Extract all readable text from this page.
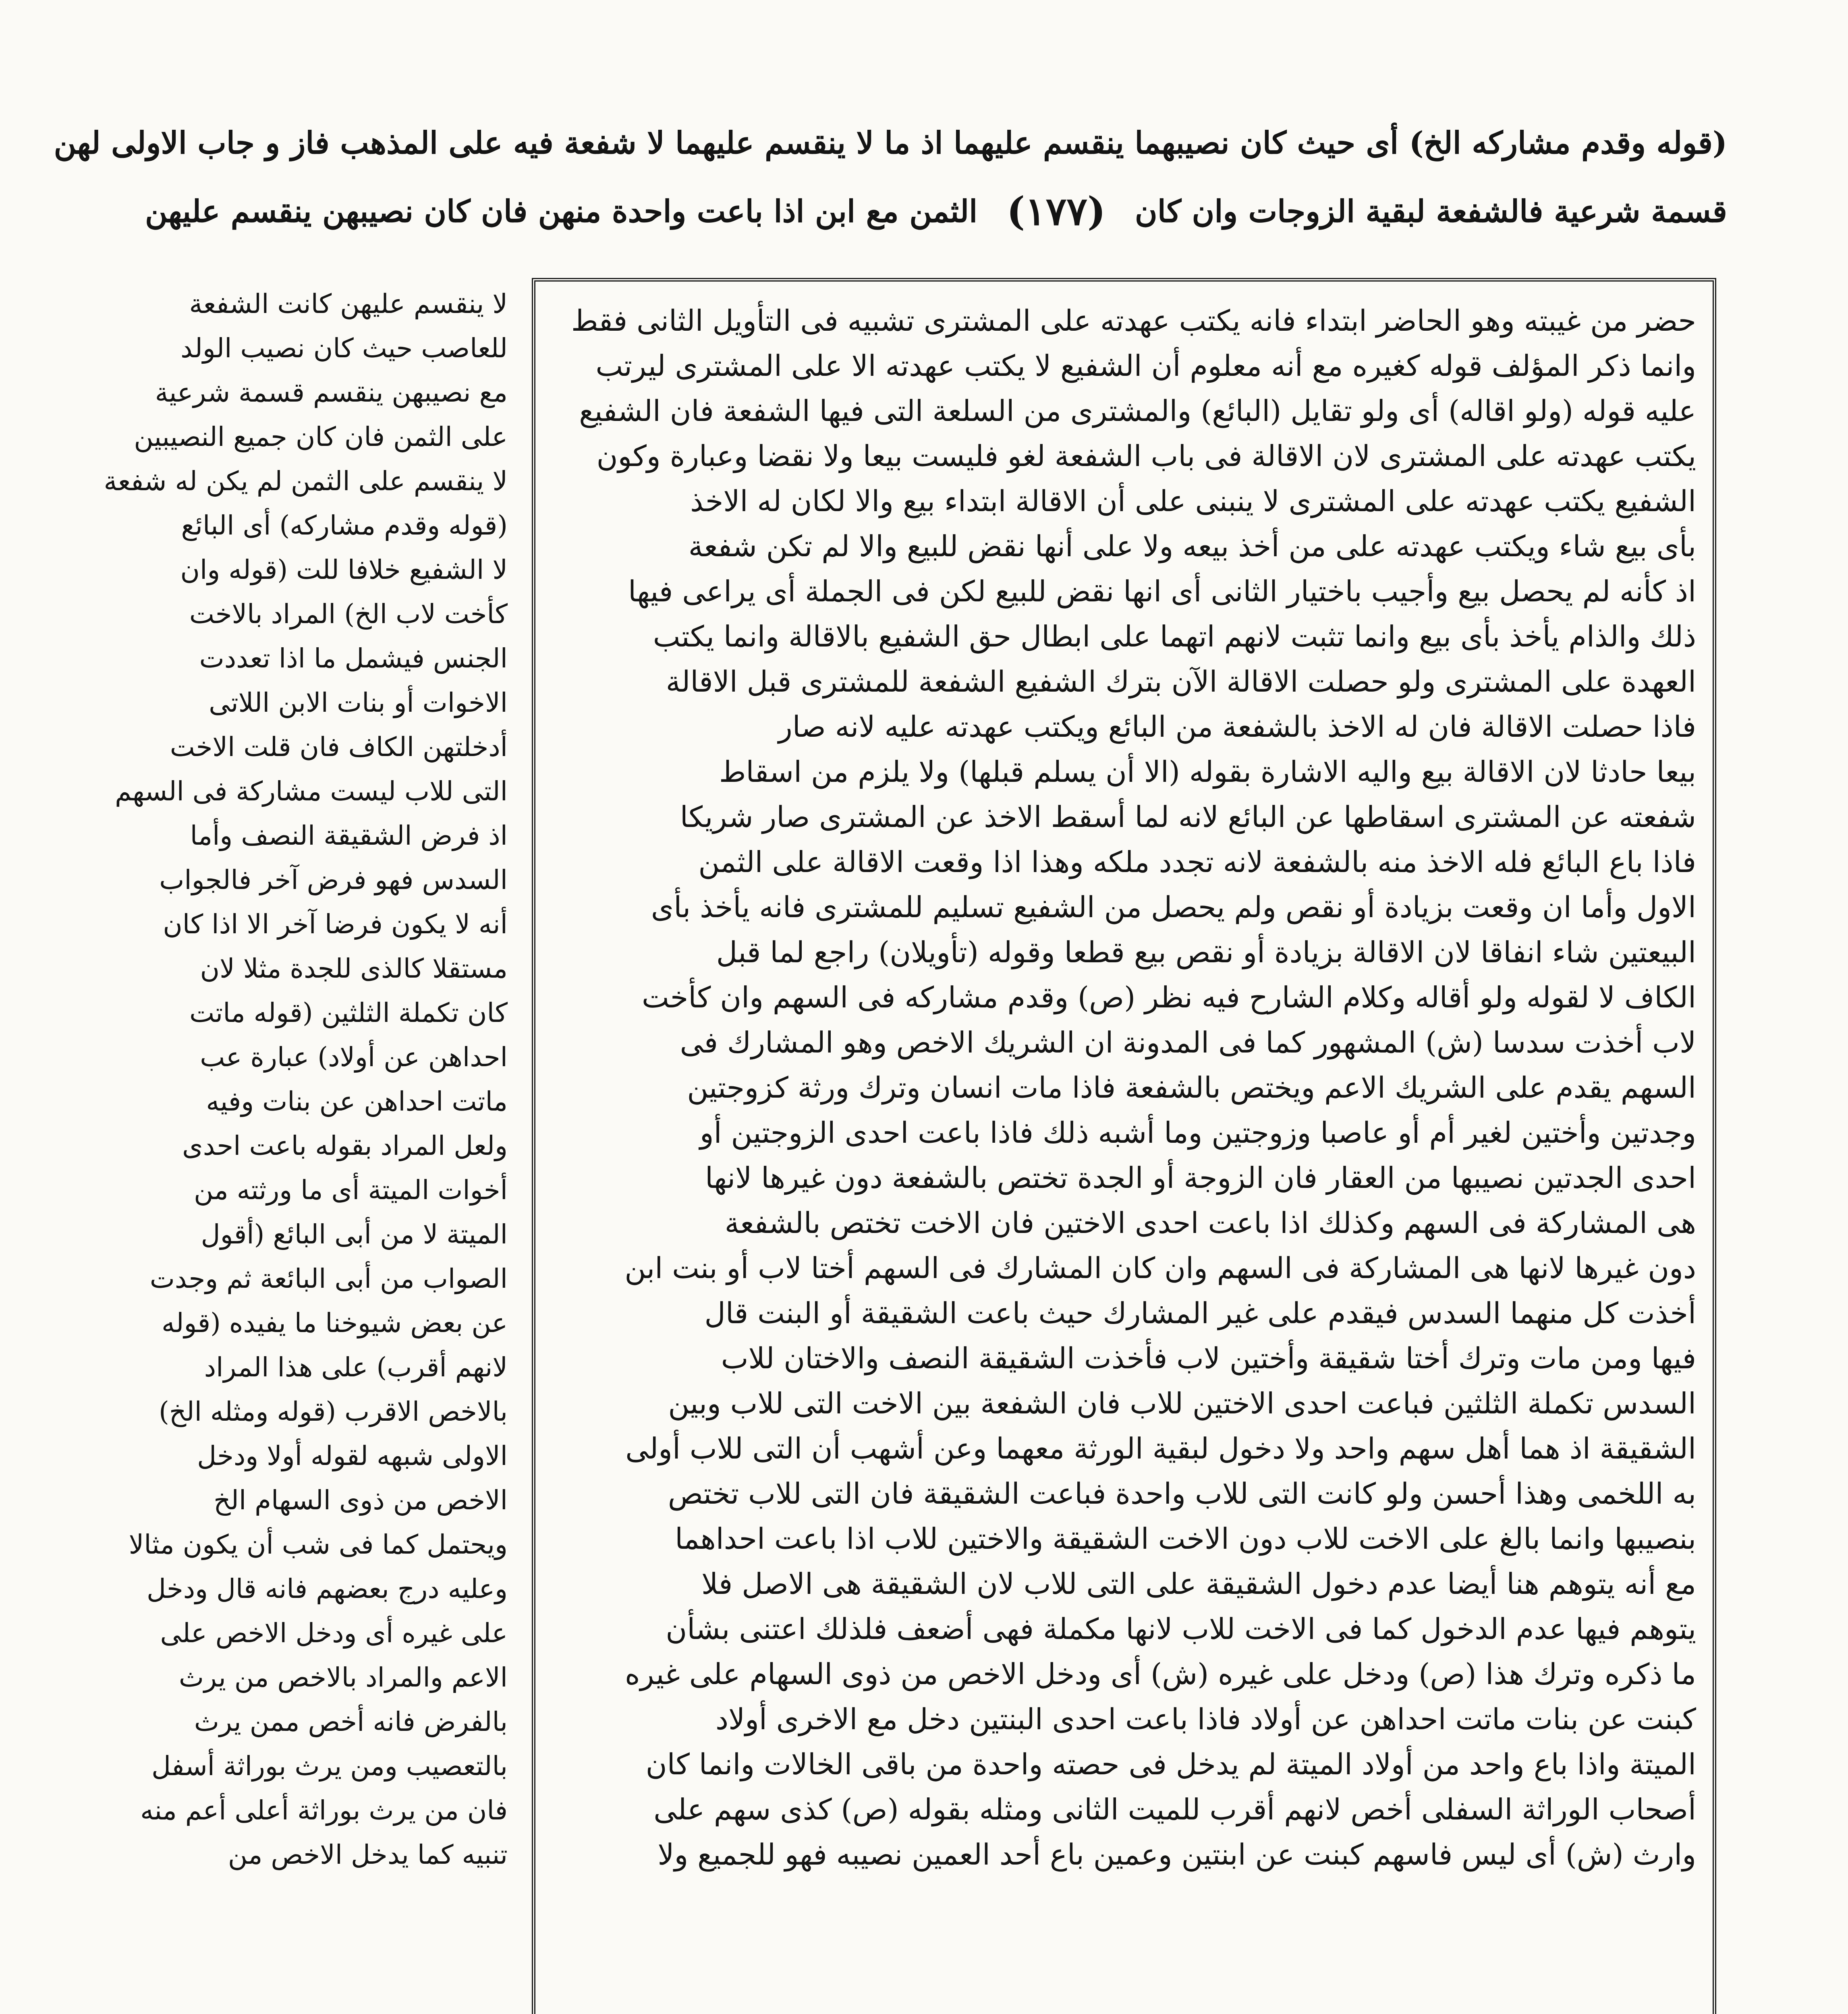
(قوله وقدم مشاركه الخ) أى حيث كان نصيبهما ينقسم عليهما اذ ما لا ينقسم عليهما لا شفعة فيه على المذهب فاز و جاب الاولى لهن
الثمن مع ابن اذا باعت واحدة منهن فان كان نصيبهن ينقسم عليهن (١٧٧) قسمة شرعية فالشفعة لبقية الزوجات وان كان
حضر من غيبته وهو الحاضر ابتداء فانه يكتب عهدته على المشترى تشبيه فى التأويل الثانى فقط
وانما ذكر المؤلف قوله كغيره مع أنه معلوم أن الشفيع لا يكتب عهدته الا على المشترى ليرتب
عليه قوله (ولو اقاله) أى ولو تقايل (البائع) والمشترى من السلعة التى فيها الشفعة فان الشفيع
يكتب عهدته على المشترى لان الاقالة فى باب الشفعة لغو فليست بيعا ولا نقضا وعبارة وكون
الشفيع يكتب عهدته على المشترى لا ينبنى على أن الاقالة ابتداء بيع والا لكان له الاخذ
بأى بيع شاء ويكتب عهدته على من أخذ بيعه ولا على أنها نقض للبيع والا لم تكن شفعة
اذ كأنه لم يحصل بيع وأجيب باختيار الثانى أى انها نقض للبيع لكن فى الجملة أى يراعى فيها
ذلك والذام يأخذ بأى بيع وانما تثبت لانهم اتهما على ابطال حق الشفيع بالاقالة وانما يكتب
العهدة على المشترى ولو حصلت الاقالة الآن بترك الشفيع الشفعة للمشترى قبل الاقالة
فاذا حصلت الاقالة فان له الاخذ بالشفعة من البائع ويكتب عهدته عليه لانه صار
بيعا حادثا لان الاقالة بيع واليه الاشارة بقوله (الا أن يسلم قبلها) ولا يلزم من اسقاط
شفعته عن المشترى اسقاطها عن البائع لانه لما أسقط الاخذ عن المشترى صار شريكا
فاذا باع البائع فله الاخذ منه بالشفعة لانه تجدد ملكه وهذا اذا وقعت الاقالة على الثمن
الاول وأما ان وقعت بزيادة أو نقص ولم يحصل من الشفيع تسليم للمشترى فانه يأخذ بأى
البيعتين شاء انفاقا لان الاقالة بزيادة أو نقص بيع قطعا وقوله (تأويلان) راجع لما قبل
الكاف لا لقوله ولو أقاله وكلام الشارح فيه نظر (ص) وقدم مشاركه فى السهم وان كأخت
لاب أخذت سدسا (ش) المشهور كما فى المدونة ان الشريك الاخص وهو المشارك فى
السهم يقدم على الشريك الاعم ويختص بالشفعة فاذا مات انسان وترك ورثة كزوجتين
وجدتين وأختين لغير أم أو عاصبا وزوجتين وما أشبه ذلك فاذا باعت احدى الزوجتين أو
احدى الجدتين نصيبها من العقار فان الزوجة أو الجدة تختص بالشفعة دون غيرها لانها
هى المشاركة فى السهم وكذلك اذا باعت احدى الاختين فان الاخت تختص بالشفعة
دون غيرها لانها هى المشاركة فى السهم وان كان المشارك فى السهم أختا لاب أو بنت ابن
أخذت كل منهما السدس فيقدم على غير المشارك حيث باعت الشقيقة أو البنت قال
فيها ومن مات وترك أختا شقيقة وأختين لاب فأخذت الشقيقة النصف والاختان للاب
السدس تكملة الثلثين فباعت احدى الاختين للاب فان الشفعة بين الاخت التى للاب وبين
الشقيقة اذ هما أهل سهم واحد ولا دخول لبقية الورثة معهما وعن أشهب أن التى للاب أولى
به اللخمى وهذا أحسن ولو كانت التى للاب واحدة فباعت الشقيقة فان التى للاب تختص
بنصيبها وانما بالغ على الاخت للاب دون الاخت الشقيقة والاختين للاب اذا باعت احداهما
مع أنه يتوهم هنا أيضا عدم دخول الشقيقة على التى للاب لان الشقيقة هى الاصل فلا
يتوهم فيها عدم الدخول كما فى الاخت للاب لانها مكملة فهى أضعف فلذلك اعتنى بشأن
ما ذكره وترك هذا (ص) ودخل على غيره (ش) أى ودخل الاخص من ذوى السهام على غيره
كبنت عن بنات ماتت احداهن عن أولاد فاذا باعت احدى البنتين دخل مع الاخرى أولاد
الميتة واذا باع واحد من أولاد الميتة لم يدخل فى حصته واحدة من باقى الخالات وانما كان
أصحاب الوراثة السفلى أخص لانهم أقرب للميت الثانى ومثله بقوله (ص) كذى سهم على
وارث (ش) أى ليس فاسهم كبنت عن ابنتين وعمين باع أحد العمين نصيبه فهو للجميع ولا
لا ينقسم عليهن كانت الشفعة
للعاصب حيث كان نصيب الولد
مع نصيبهن ينقسم قسمة شرعية
على الثمن فان كان جميع النصيبين
لا ينقسم على الثمن لم يكن له شفعة
(قوله وقدم مشاركه) أى البائع
لا الشفيع خلافا للت (قوله وان
كأخت لاب الخ) المراد بالاخت
الجنس فيشمل ما اذا تعددت
الاخوات أو بنات الابن اللاتى
أدخلتهن الكاف فان قلت الاخت
التى للاب ليست مشاركة فى السهم
اذ فرض الشقيقة النصف وأما
السدس فهو فرض آخر فالجواب
أنه لا يكون فرضا آخر الا اذا كان
مستقلا كالذى للجدة مثلا لان
كان تكملة الثلثين (قوله ماتت
احداهن عن أولاد) عبارة عب
ماتت احداهن عن بنات وفيه
ولعل المراد بقوله باعت احدى
أخوات الميتة أى ما ورثته من
الميتة لا من أبى البائع (أقول
الصواب من أبى البائعة ثم وجدت
عن بعض شيوخنا ما يفيده (قوله
لانهم أقرب) على هذا المراد
بالاخص الاقرب (قوله ومثله الخ)
الاولى شبهه لقوله أولا ودخل
الاخص من ذوى السهام الخ
ويحتمل كما فى شب أن يكون مثالا
وعليه درج بعضهم فانه قال ودخل
على غيره أى ودخل الاخص على
الاعم والمراد بالاخص من يرث
بالفرض فانه أخص ممن يرث
بالتعصيب ومن يرث بوراثة أسفل
فان من يرث بوراثة أعلى أعم منه
تنبيه كما يدخل الاخص من
